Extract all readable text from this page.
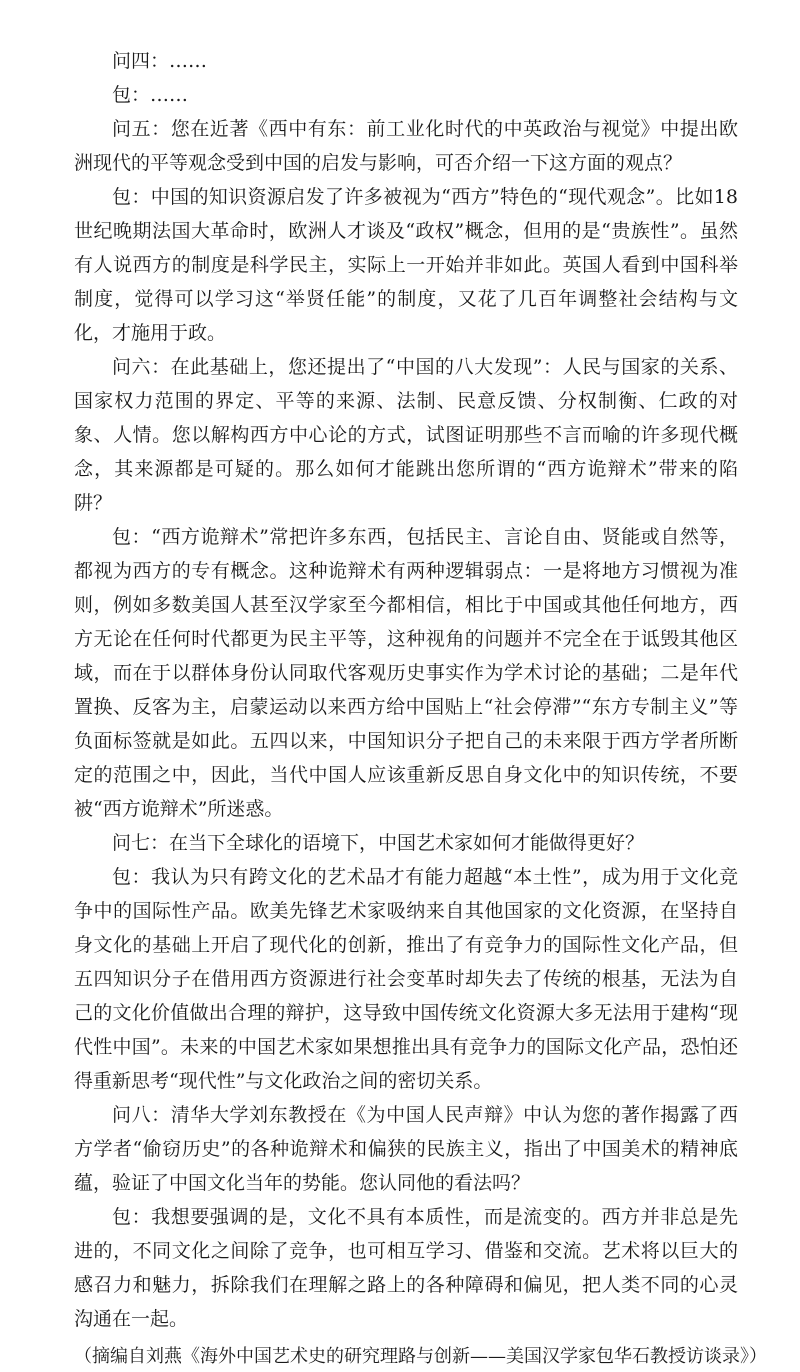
问四：……

包：……

问五：您在近著《西中有东：前工业化时代的中英政治与视觉》中提出欧洲现代的平等观念受到中国的启发与影响，可否介绍一下这方面的观点？

包：中国的知识资源启发了许多被视为“西方”特色的“现代观念”。比如18世纪晚期法国大革命时，欧洲人才谈及“政权”概念，但用的是“贵族性”。虽然有人说西方的制度是科学民主，实际上一开始并非如此。英国人看到中国科举制度，觉得可以学习这“举贤任能”的制度，又花了几百年调整社会结构与文化，才施用于政。

问六：在此基础上，您还提出了“中国的八大发现”：人民与国家的关系、国家权力范围的界定、平等的来源、法制、民意反馈、分权制衡、仁政的对象、人情。您以解构西方中心论的方式，试图证明那些不言而喻的许多现代概念，其来源都是可疑的。那么如何才能跳出您所谓的“西方诡辩术”带来的陷阱？

包：“西方诡辩术”常把许多东西，包括民主、言论自由、贤能或自然等，都视为西方的专有概念。这种诡辩术有两种逻辑弱点：一是将地方习惯视为准则，例如多数美国人甚至汉学家至今都相信，相比于中国或其他任何地方，西方无论在任何时代都更为民主平等，这种视角的问题并不完全在于诋毁其他区域，而在于以群体身份认同取代客观历史事实作为学术讨论的基础；二是年代置换、反客为主，启蒙运动以来西方给中国贴上“社会停滞”“东方专制主义”等负面标签就是如此。五四以来，中国知识分子把自己的未来限于西方学者所断定的范围之中，因此，当代中国人应该重新反思自身文化中的知识传统，不要被“西方诡辩术”所迷惑。

问七：在当下全球化的语境下，中国艺术家如何才能做得更好？

包：我认为只有跨文化的艺术品才有能力超越“本土性”，成为用于文化竞争中的国际性产品。欧美先锋艺术家吸纳来自其他国家的文化资源，在坚持自身文化的基础上开启了现代化的创新，推出了有竞争力的国际性文化产品，但五四知识分子在借用西方资源进行社会变革时却失去了传统的根基，无法为自己的文化价值做出合理的辩护，这导致中国传统文化资源大多无法用于建构“现代性中国”。未来的中国艺术家如果想推出具有竞争力的国际文化产品，恐怕还得重新思考“现代性”与文化政治之间的密切关系。

问八：清华大学刘东教授在《为中国人民声辩》中认为您的著作揭露了西方学者“偷窃历史”的各种诡辩术和偏狭的民族主义，指出了中国美术的精神底蕴，验证了中国文化当年的势能。您认同他的看法吗？

包：我想要强调的是，文化不具有本质性，而是流变的。西方并非总是先进的，不同文化之间除了竞争，也可相互学习、借鉴和交流。艺术将以巨大的感召力和魅力，拆除我们在理解之路上的各种障碍和偏见，把人类不同的心灵沟通在一起。

（摘编自刘燕《海外中国艺术史的研究理路与创新——美国汉学家包华石教授访谈录》）
